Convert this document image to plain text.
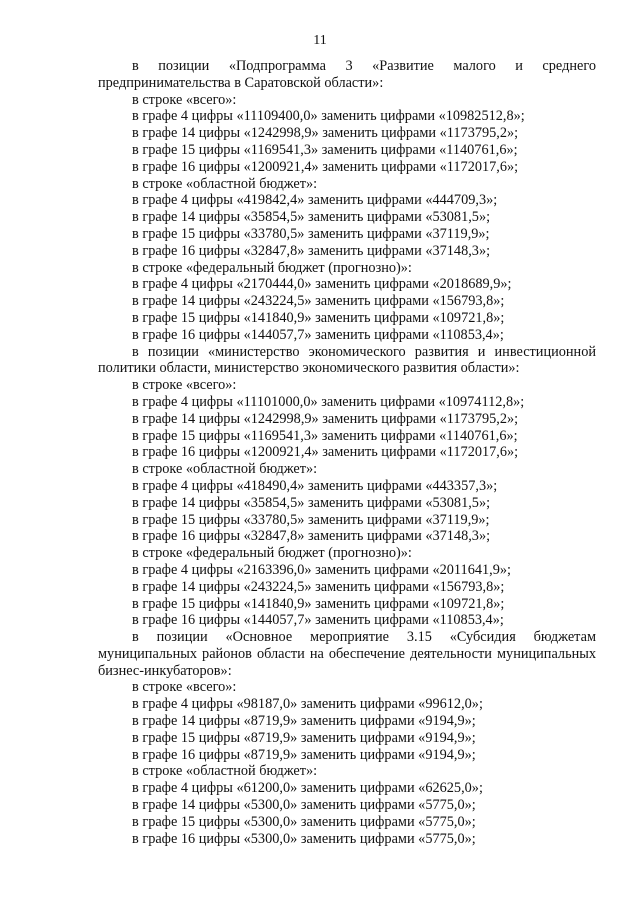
11
в позиции «Подпрограмма 3 «Развитие малого и среднего
предпринимательства в Саратовской области»:
в строке «всего»:
в графе 4 цифры «11109400,0» заменить цифрами «10982512,8»;
в графе 14 цифры «1242998,9» заменить цифрами «1173795,2»;
в графе 15 цифры «1169541,3» заменить цифрами «1140761,6»;
в графе 16 цифры «1200921,4» заменить цифрами «1172017,6»;
в строке «областной бюджет»:
в графе 4 цифры «419842,4» заменить цифрами «444709,3»;
в графе 14 цифры «35854,5» заменить цифрами «53081,5»;
в графе 15 цифры «33780,5» заменить цифрами «37119,9»;
в графе 16 цифры «32847,8» заменить цифрами «37148,3»;
в строке «федеральный бюджет (прогнозно)»:
в графе 4 цифры «2170444,0» заменить цифрами «2018689,9»;
в графе 14 цифры «243224,5» заменить цифрами «156793,8»;
в графе 15 цифры «141840,9» заменить цифрами «109721,8»;
в графе 16 цифры «144057,7» заменить цифрами «110853,4»;
в позиции «министерство экономического развития и инвестиционной
политики области, министерство экономического развития области»:
в строке «всего»:
в графе 4 цифры «11101000,0» заменить цифрами «10974112,8»;
в графе 14 цифры «1242998,9» заменить цифрами «1173795,2»;
в графе 15 цифры «1169541,3» заменить цифрами «1140761,6»;
в графе 16 цифры «1200921,4» заменить цифрами «1172017,6»;
в строке «областной бюджет»:
в графе 4 цифры «418490,4» заменить цифрами «443357,3»;
в графе 14 цифры «35854,5» заменить цифрами «53081,5»;
в графе 15 цифры «33780,5» заменить цифрами «37119,9»;
в графе 16 цифры «32847,8» заменить цифрами «37148,3»;
в строке «федеральный бюджет (прогнозно)»:
в графе 4 цифры «2163396,0» заменить цифрами «2011641,9»;
в графе 14 цифры «243224,5» заменить цифрами «156793,8»;
в графе 15 цифры «141840,9» заменить цифрами «109721,8»;
в графе 16 цифры «144057,7» заменить цифрами «110853,4»;
в позиции «Основное мероприятие 3.15 «Субсидия бюджетам
муниципальных районов области на обеспечение деятельности муниципальных
бизнес-инкубаторов»:
в строке «всего»:
в графе 4 цифры «98187,0» заменить цифрами «99612,0»;
в графе 14 цифры «8719,9» заменить цифрами «9194,9»;
в графе 15 цифры «8719,9» заменить цифрами «9194,9»;
в графе 16 цифры «8719,9» заменить цифрами «9194,9»;
в строке «областной бюджет»:
в графе 4 цифры «61200,0» заменить цифрами «62625,0»;
в графе 14 цифры «5300,0» заменить цифрами «5775,0»;
в графе 15 цифры «5300,0» заменить цифрами «5775,0»;
в графе 16 цифры «5300,0» заменить цифрами «5775,0»;
